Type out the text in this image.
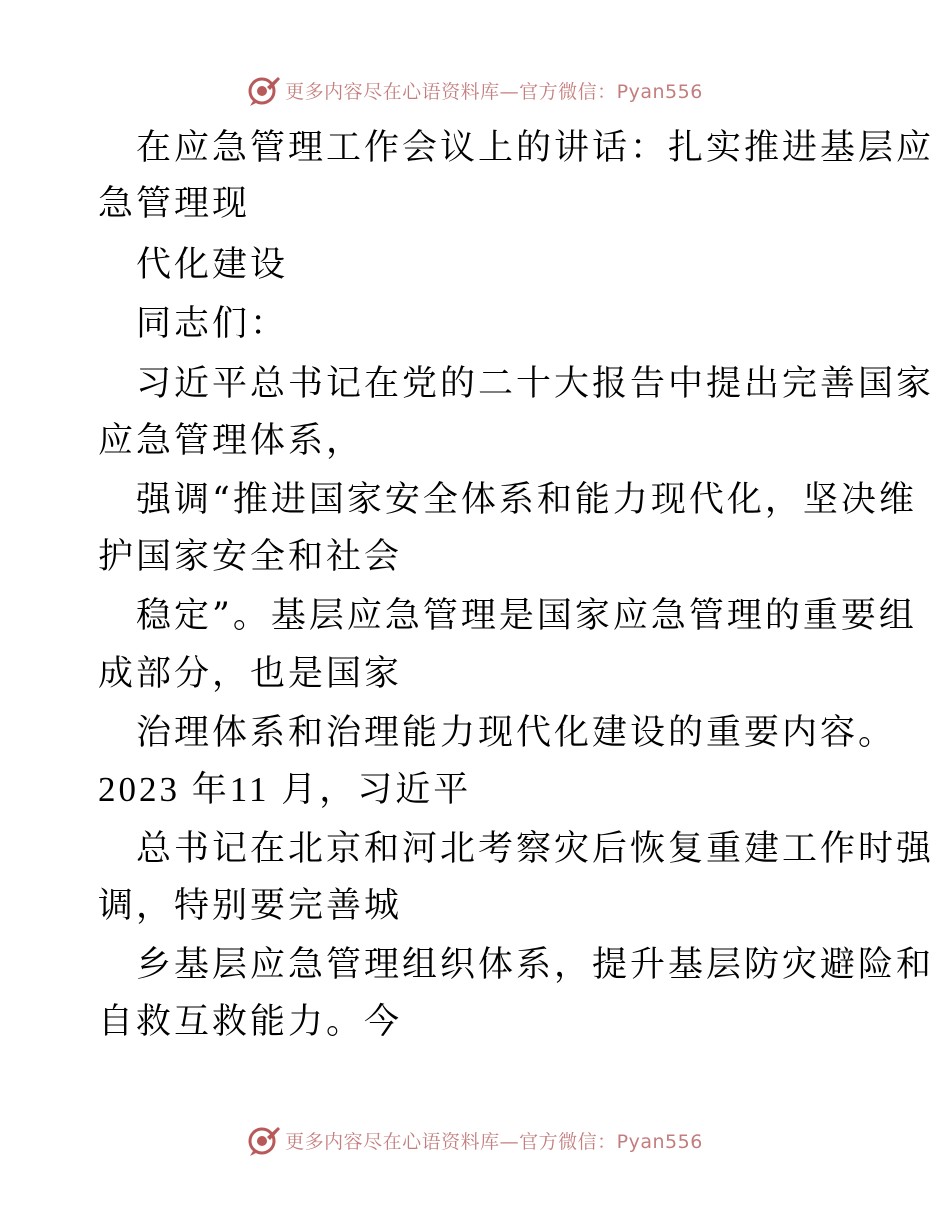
更多内容尽在心语资料库—官方微信：Pyan556
在应急管理工作会议上的讲话：扎实推进基层应
急管理现
代化建设
同志们：
习近平总书记在党的二十大报告中提出完善国家
应急管理体系，
强调“推进国家安全体系和能力现代化，坚决维
护国家安全和社会
稳定”。基层应急管理是国家应急管理的重要组
成部分，也是国家
治理体系和治理能力现代化建设的重要内容。
2023 年11 月，习近平
总书记在北京和河北考察灾后恢复重建工作时强
调，特别要完善城
乡基层应急管理组织体系，提升基层防灾避险和
自救互救能力。今
更多内容尽在心语资料库—官方微信：Pyan556
